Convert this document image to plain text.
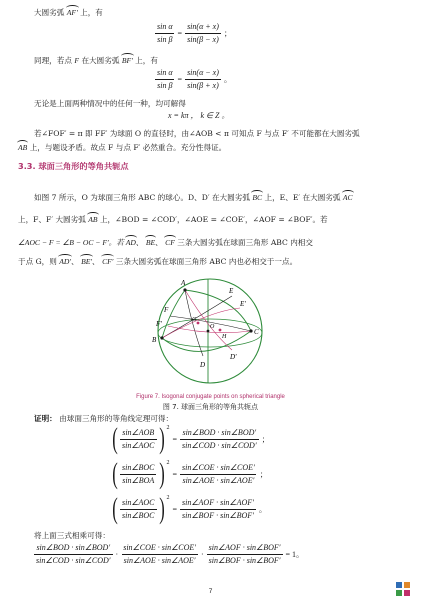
大圆劣弧 AF' 上，有
$\frac{\text{sin α}}{\text{sin β}} = \frac{\sin(\alpha + x)}{\sin(\beta - x)}$ ；
同理，若点 F 在大圆劣弧 BF' 上，有
$\frac{\text{sin α}}{\text{sin β}} = \frac{\sin(\alpha - x)}{\sin(\beta + x)}$ 。
无论是上面两种情况中的任何一种，均可解得
x = kπ ， k ∈ Z 。
若∠FOF′ = π 即 FF′ 为球面 O 的直径时，由∠AOB < π 可知点 F 与点 F′ 不可能都在大圆劣弧
AB 上，与题设矛盾。故点 F 与点 F′ 必然重合。充分性得证。
3.3. 球面三角形的等角共轭点
如图 7 所示，O 为球面三角形 ABC 的球心。D、D′ 在大圆劣弧 BC 上，E、E′ 在大圆劣弧 AC
上，F、F′ 大圆劣弧 AB 上，∠BOD = ∠COD′，∠AOE = ∠COE′，∠AOF = ∠BOF′。若
∠AOC − F = ∠B − OC − F′。若 AD、 BE、 CF 三条大圆劣弧在球面三角形 ABC 内相交
于点 G，则 AD′、 BE′、 CF′ 三条大圆劣弧在球面三角形 ABC 内也必相交于一点。
A
B
C
D
D'
E
E'
F
F'	G
H
O
Figure 7. Isogonal conjugate points on spherical triangle
图 7. 球面三角形的等角共轭点
证明： 由球面三角形的等角线定理可得：
( $\frac{\text{sin∠AOB}}{\text{sin∠AOC}}$ ) 2
= $\frac{\text{sin∠BOD · sin∠BOD′}}{\text{sin∠COD · sin∠COD′}}$ ；
( $\frac{\text{sin∠BOC}}{\text{sin∠BOA}}$ ) 2
= $\frac{\text{sin∠COE · sin∠COE′}}{\text{sin∠AOE · sin∠AOE′}}$ ；
( $\frac{\text{sin∠AOC}}{\text{sin∠BOC}}$ ) 2
= $\frac{\text{sin∠AOF · sin∠AOF′}}{\text{sin∠BOF · sin∠BOF′}}$ 。
将上面三式相乘可得：
$\frac{\text{sin∠BOD · sin∠BOD′}}{\text{sin∠COD · sin∠COD′}} \cdot \frac{\text{sin∠COE · sin∠COE′}}{\text{sin∠AOE · sin∠AOE′}} \cdot \frac{\text{sin∠AOF · sin∠BOF′}}{\text{sin∠BOF · sin∠BOF′}} = 1$。
7
